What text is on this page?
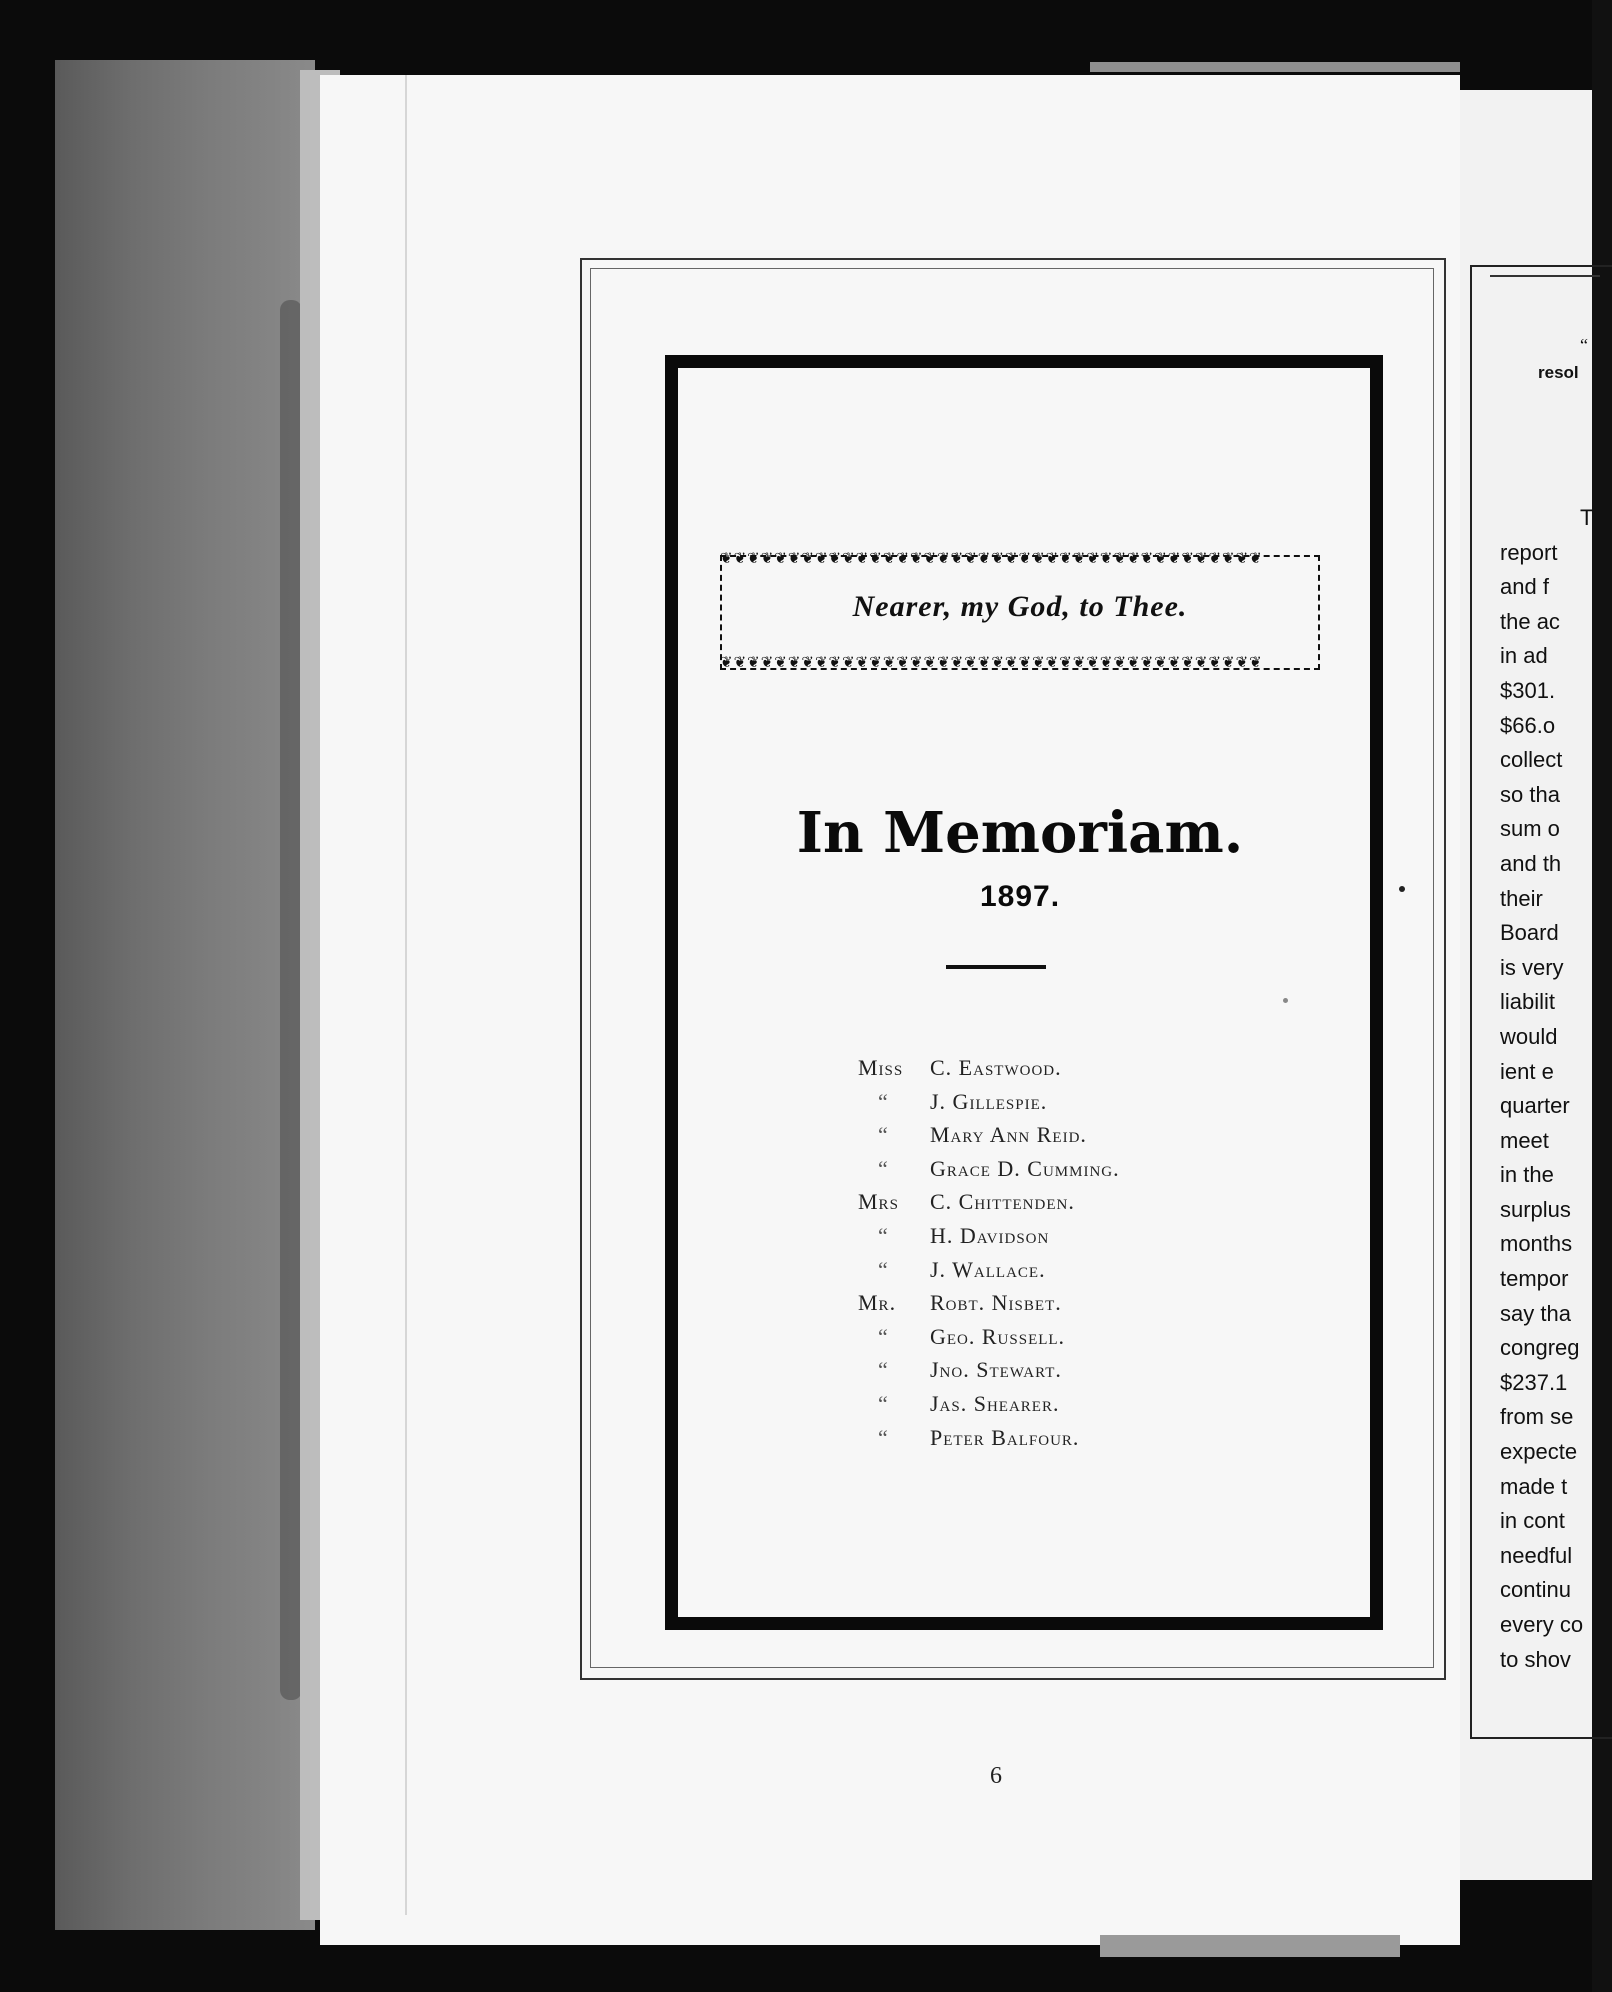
“
resol
T
report
and f
the ac
in ad
$301.
$66.o
collect
so tha
sum o
and th
their
Board
is very
liabilit
would
ient e
quarter
meet
in the
surplus
months
tempor
say tha
congreg
$237.1
from se
expecte
made t
in cont
needful
continu
every co
to shov
❦❦❦❦❦❦❦❦❦❦❦❦❦❦❦❦❦❦❦❦❦❦❦❦❦❦❦❦❦❦❦❦❦❦❦❦❦❦❦❦
❦❦❦❦❦❦❦❦❦❦❦❦❦❦❦❦❦❦❦❦❦❦❦❦❦❦❦❦❦❦❦❦❦❦❦❦❦❦❦❦
Nearer, my God, to Thee.
In Memoriam.
1897.
Miss	C. Eastwood.
“	J. Gillespie.
“	Mary Ann Reid.
“	Grace D. Cumming.
Mrs	C. Chittenden.
“	H. Davidson
“	J. Wallace.
Mr.	Robt. Nisbet.
“	Geo. Russell.
“	Jno. Stewart.
“	Jas. Shearer.
“	Peter Balfour.
6
